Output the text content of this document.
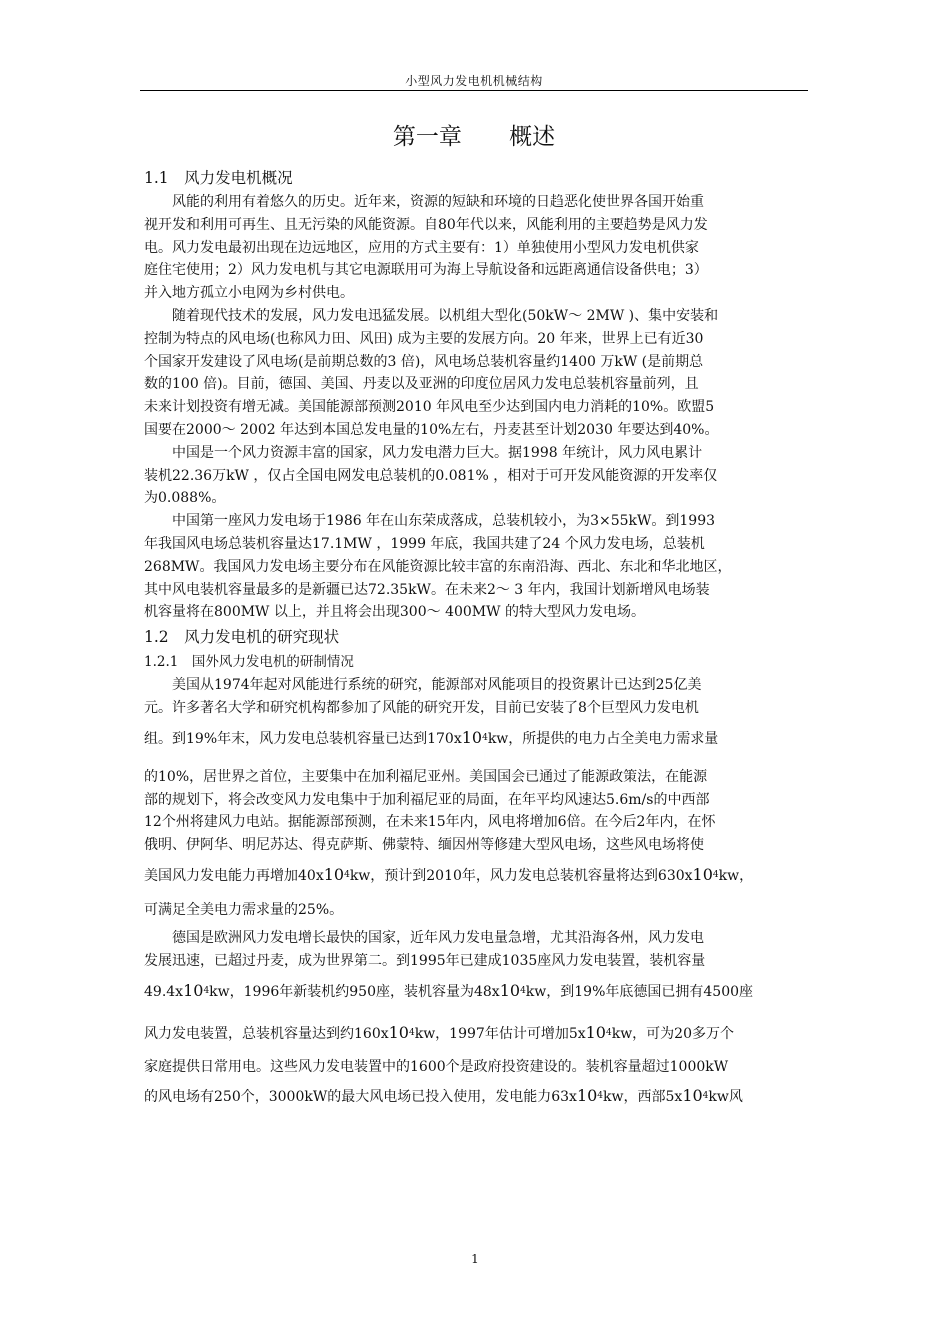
小型风力发电机机械结构
第一章 概述
1.1　风力发电机概况
风能的利用有着悠久的历史。近年来，资源的短缺和环境的日趋恶化使世界各国开始重
视开发和利用可再生、且无污染的风能资源。自80年代以来，风能利用的主要趋势是风力发
电。风力发电最初出现在边远地区，应用的方式主要有：1）单独使用小型风力发电机供家
庭住宅使用；2）风力发电机与其它电源联用可为海上导航设备和远距离通信设备供电；3）
并入地方孤立小电网为乡村供电。
随着现代技术的发展，风力发电迅猛发展。以机组大型化(50kW～ 2MW )、集中安装和
控制为特点的风电场(也称风力田、风田) 成为主要的发展方向。20 年来，世界上已有近30
个国家开发建设了风电场(是前期总数的3 倍)，风电场总装机容量约1400 万kW (是前期总
数的100 倍)。目前，德国、美国、丹麦以及亚洲的印度位居风力发电总装机容量前列，且
未来计划投资有增无减。美国能源部预测2010 年风电至少达到国内电力消耗的10%。欧盟5
国要在2000～ 2002 年达到本国总发电量的10%左右，丹麦甚至计划2030 年要达到40%。
中国是一个风力资源丰富的国家，风力发电潜力巨大。据1998 年统计，风力风电累计
装机22.36万kW ，仅占全国电网发电总装机的0.081% ，相对于可开发风能资源的开发率仅
为0.088%。
中国第一座风力发电场于1986 年在山东荣成落成，总装机较小，为3×55kW。到1993
年我国风电场总装机容量达17.1MW ，1999 年底，我国共建了24 个风力发电场，总装机
268MW。我国风力发电场主要分布在风能资源比较丰富的东南沿海、西北、东北和华北地区，
其中风电装机容量最多的是新疆已达72.35kW。在未来2～ 3 年内，我国计划新增风电场装
机容量将在800MW 以上，并且将会出现300～ 400MW 的特大型风力发电场。
1.2　风力发电机的研究现状
1.2.1　国外风力发电机的研制情况
美国从1974年起对风能进行系统的研究，能源部对风能项目的投资累计已达到25亿美
元。许多著名大学和研究机构都参加了风能的研究开发，目前已安装了8个巨型风力发电机
组。到19%年末，风力发电总装机容量已达到$170x10^4kw$，所提供的电力占全美电力需求量
的10%，居世界之首位，主要集中在加利福尼亚州。美国国会已通过了能源政策法，在能源
部的规划下，将会改变风力发电集中于加利福尼亚的局面，在年平均风速达5.6m/s的中西部
12个州将建风力电站。据能源部预测，在未来15年内，风电将增加6倍。在今后2年内，在怀
俄明、伊阿华、明尼苏达、得克萨斯、佛蒙特、缅因州等修建大型风电场，这些风电场将使
美国风力发电能力再增加$40x10^4kw$，预计到2010年，风力发电总装机容量将达到$630x10^4kw$，
可满足全美电力需求量的25%。
德国是欧洲风力发电增长最快的国家，近年风力发电量急增，尤其沿海各州，风力发电
发展迅速，已超过丹麦，成为世界第二。到1995年已建成1035座风力发电装置，装机容量
$49.4x10^4kw$，1996年新装机约950座，装机容量为$48x10^4kw$，到19%年底德国已拥有4500座
风力发电装置，总装机容量达到约$160x10^4kw$，1997年估计可增加$5x10^4kw$，可为20多万个
家庭提供日常用电。这些风力发电装置中的1600个是政府投资建设的。装机容量超过1000kW
的风电场有250个，3000kW的最大风电场已投入使用，发电能力$63x10^4kw$，西部$5x10^4kw$风
1
